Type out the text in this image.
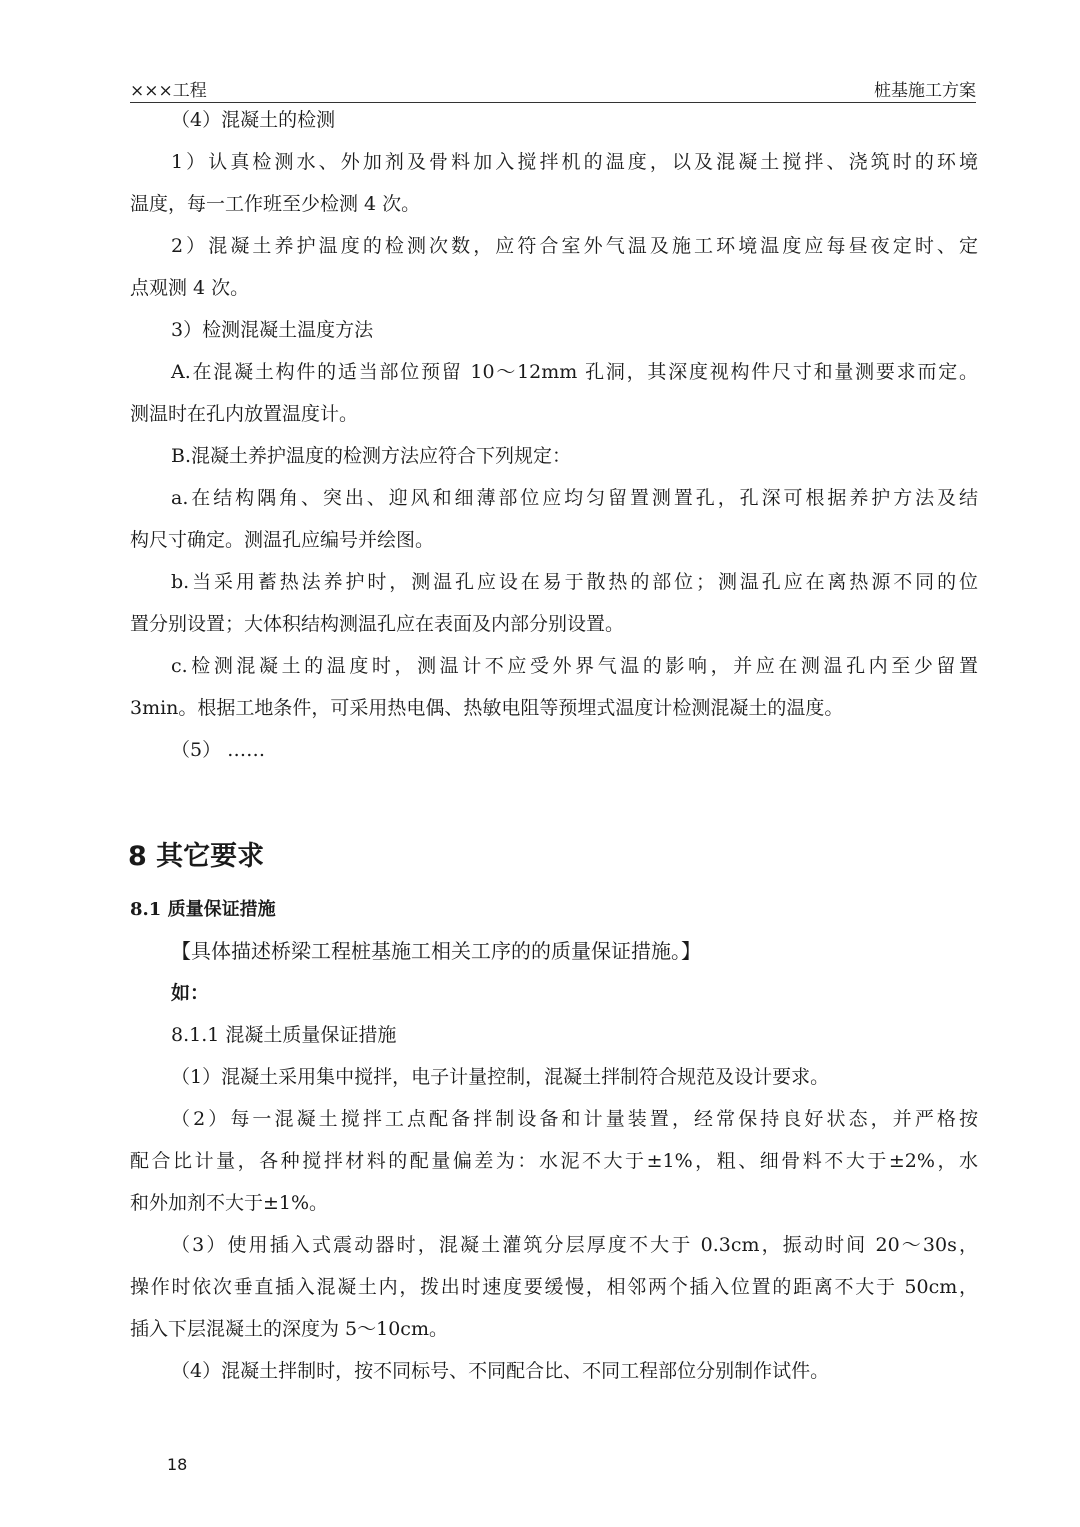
×××工程	桩基施工方案
（4）混凝土的检测
1）认真检测水、外加剂及骨料加入搅拌机的温度，以及混凝土搅拌、浇筑时的环境
温度，每一工作班至少检测 4 次。
2）混凝土养护温度的检测次数，应符合室外气温及施工环境温度应每昼夜定时、定
点观测 4 次。
3）检测混凝土温度方法
A.在混凝土构件的适当部位预留 10～12mm 孔洞，其深度视构件尺寸和量测要求而定。
测温时在孔内放置温度计。
B.混凝土养护温度的检测方法应符合下列规定：
a.在结构隅角、突出、迎风和细薄部位应均匀留置测置孔，孔深可根据养护方法及结
构尺寸确定。测温孔应编号并绘图。
b.当采用蓄热法养护时，测温孔应设在易于散热的部位；测温孔应在离热源不同的位
置分别设置；大体积结构测温孔应在表面及内部分别设置。
c.检测混凝土的温度时，测温计不应受外界气温的影响，并应在测温孔内至少留置
3min。根据工地条件，可采用热电偶、热敏电阻等预埋式温度计检测混凝土的温度。
（5） ……
8 其它要求
8.1 质量保证措施
【具体描述桥梁工程桩基施工相关工序的的质量保证措施。】
如：
8.1.1 混凝土质量保证措施
（1）混凝土采用集中搅拌，电子计量控制，混凝土拌制符合规范及设计要求。
（2）每一混凝土搅拌工点配备拌制设备和计量装置，经常保持良好状态，并严格按
配合比计量，各种搅拌材料的配量偏差为：水泥不大于±1%，粗、细骨料不大于±2%，水
和外加剂不大于±1%。
（3）使用插入式震动器时，混凝土灌筑分层厚度不大于 0.3cm，振动时间 20～30s，
操作时依次垂直插入混凝土内，拨出时速度要缓慢，相邻两个插入位置的距离不大于 50cm，
插入下层混凝土的深度为 5～10cm。
（4）混凝土拌制时，按不同标号、不同配合比、不同工程部位分别制作试件。
18
